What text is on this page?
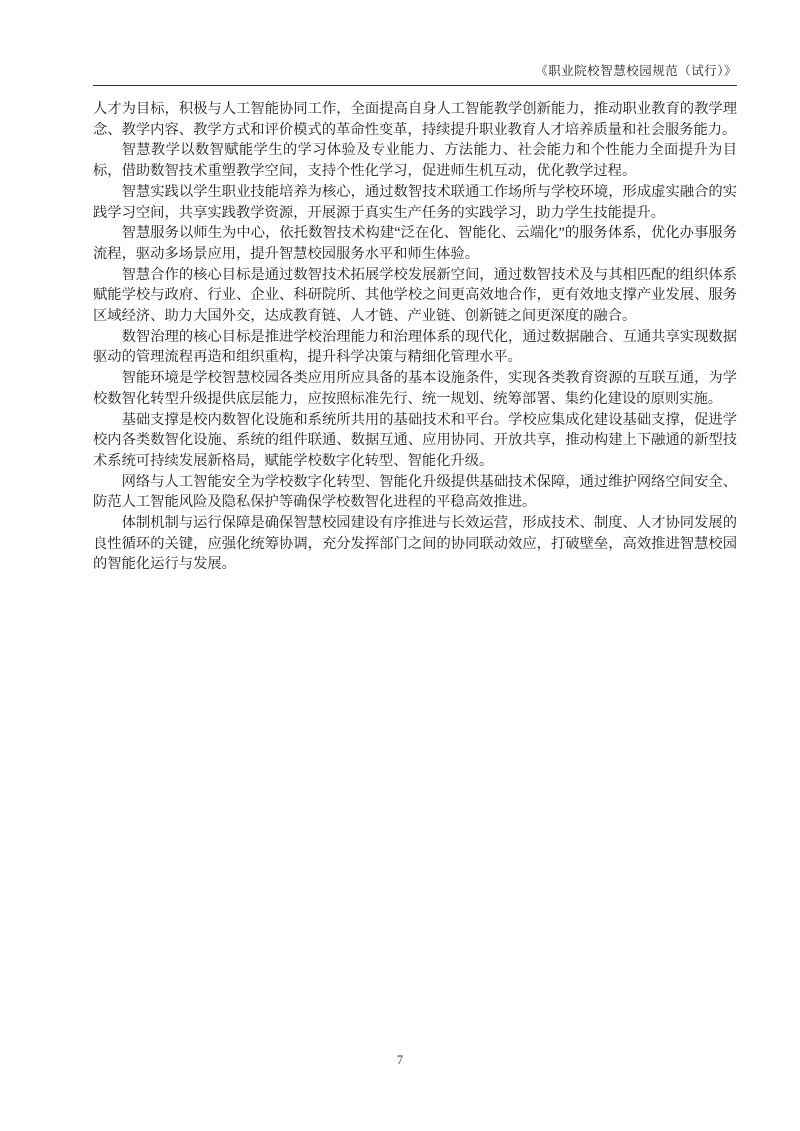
《职业院校智慧校园规范（试行）》

人才为目标，积极与人工智能协同工作，全面提高自身人工智能教学创新能力，推动职业教育的教学理念、教学内容、教学方式和评价模式的革命性变革，持续提升职业教育人才培养质量和社会服务能力。

智慧教学以数智赋能学生的学习体验及专业能力、方法能力、社会能力和个性能力全面提升为目标，借助数智技术重塑教学空间，支持个性化学习，促进师生机互动，优化教学过程。

智慧实践以学生职业技能培养为核心，通过数智技术联通工作场所与学校环境，形成虚实融合的实践学习空间，共享实践教学资源，开展源于真实生产任务的实践学习，助力学生技能提升。

智慧服务以师生为中心，依托数智技术构建“泛在化、智能化、云端化”的服务体系，优化办事服务流程，驱动多场景应用，提升智慧校园服务水平和师生体验。

智慧合作的核心目标是通过数智技术拓展学校发展新空间，通过数智技术及与其相匹配的组织体系赋能学校与政府、行业、企业、科研院所、其他学校之间更高效地合作，更有效地支撑产业发展、服务区域经济、助力大国外交，达成教育链、人才链、产业链、创新链之间更深度的融合。

数智治理的核心目标是推进学校治理能力和治理体系的现代化，通过数据融合、互通共享实现数据驱动的管理流程再造和组织重构，提升科学决策与精细化管理水平。

智能环境是学校智慧校园各类应用所应具备的基本设施条件，实现各类教育资源的互联互通，为学校数智化转型升级提供底层能力，应按照标准先行、统一规划、统筹部署、集约化建设的原则实施。

基础支撑是校内数智化设施和系统所共用的基础技术和平台。学校应集成化建设基础支撑，促进学校内各类数智化设施、系统的组件联通、数据互通、应用协同、开放共享，推动构建上下融通的新型技术系统可持续发展新格局，赋能学校数字化转型、智能化升级。

网络与人工智能安全为学校数字化转型、智能化升级提供基础技术保障，通过维护网络空间安全、防范人工智能风险及隐私保护等确保学校数智化进程的平稳高效推进。

体制机制与运行保障是确保智慧校园建设有序推进与长效运营，形成技术、制度、人才协同发展的良性循环的关键，应强化统筹协调，充分发挥部门之间的协同联动效应，打破壁垒，高效推进智慧校园的智能化运行与发展。

7
